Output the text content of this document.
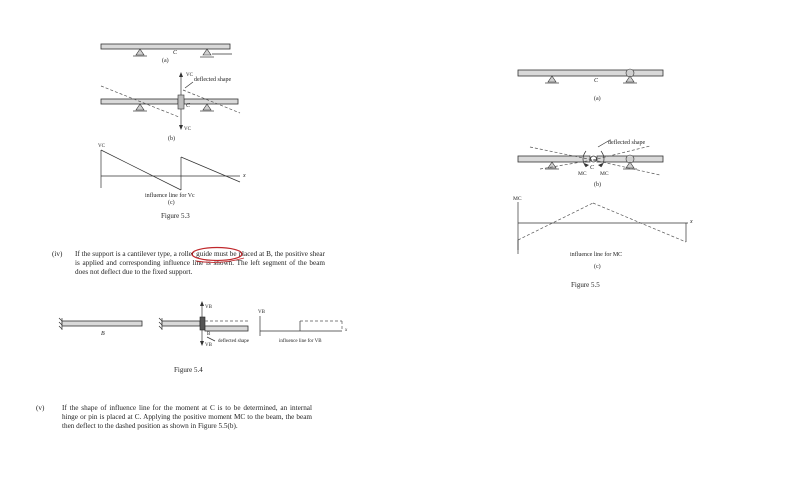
C
(a)
VC
deflected shape
C
VC
(b)
VC
x
influence line for Vc
(c)
Figure 5.3
(iv) If the support is a cantilever type, a roller guide must be placed at B, the positive shear is applied and corresponding influence line is shown. The left segment of the beam does not deflect due to the fixed support.
B
VB
B
deflected shape
VB
VB
x
influence line for VB
Figure 5.4
(v) If the shape of influence line for the moment at C is to be determined, an internal hinge or pin is placed at C. Applying the positive moment MC to the beam, the beam then deflect to the dashed position as shown in Figure 5.5(b).
C
(a)
deflected shape
C
MC MC
(b)
MC
x
influence line for MC
(c)
Figure 5.5
